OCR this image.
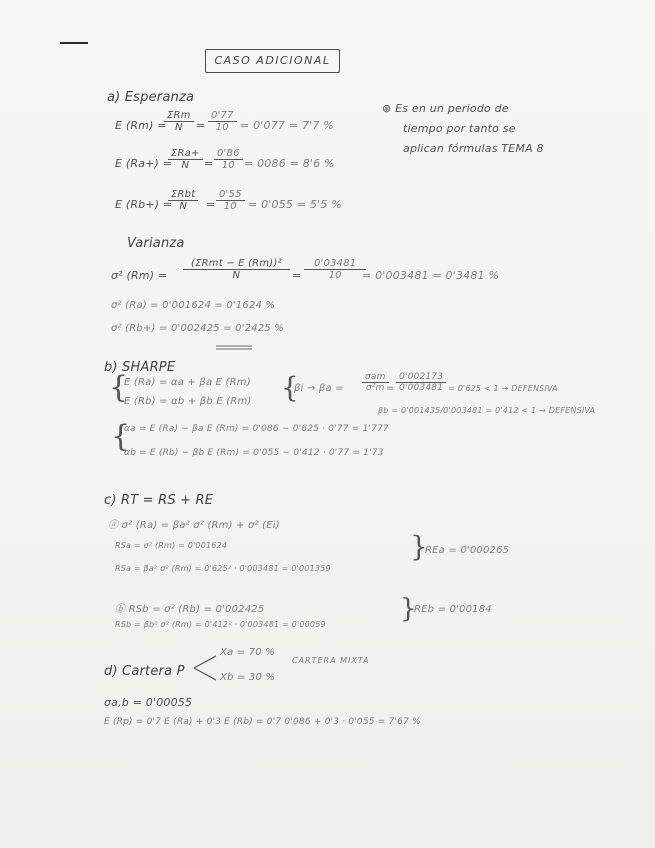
CASO ADICIONAL
a) Esperanza
E (Rm) =
ΣRm
N	= $\frac{0'77}{10} = 0'077 = 7'7$ %
E (Ra+) =
ΣRa+
N	= $\frac{0'86}{10} = 0086 = 8'6$ %
E (Rb+) =
ΣRbt
N	= $\frac{0'55}{10} = 0'055 = 5'5$ %
⊛ Es en un periodo de
tiempo por tanto se
aplican fórmulas TEMA 8
Varianza
σ² (Rm) =
(ΣRmt − E (Rm))²
N	= $\frac{0'03481}{10}$
= 0'003481 = 0'3481 %
σ² (Ra) = 0'001624 = 0'1624 %
σ² (Rb+) = 0'002425 = 0'2425 %
b) SHARPE
{
E (Ra) = αa + βa E (Rm)
E (Rb) = αb + βb E (Rm) {
βi → βa =
σam
$\sigma^2m = \frac{0'002173}{0'003481} = 0'625 < 1$ → DEFENSIVA
βb = 0'001435/0'003481 = 0'412 < 1 → DEFENSIVA
{
αa = E (Ra) − βa E (Rm) = 0'086 − 0'625 · 0'77 = 1'777
αb = E (Rb) − βb E (Rm) = 0'055 − 0'412 · 0'77 = 1'73
c) RT = RS + RE
ⓐ σ² (Ra) = βa² σ² (Rm) + σ² (Ei)
RSa = σ² (Rm) = 0'001624
RSa = βa² σ² (Rm) = 0'625² · 0'003481 = 0'001359
}
REa = 0'000265
ⓑ RSb = σ² (Rb) = 0'002425
RSb = βb² σ² (Rm) = 0'412² · 0'003481 = 0'00059
}
REb = 0'00184
d) Cartera P
Xa = 70 %
Xb = 30 %
CARTERA MIXTA
σa,b = 0'00055
E (Rp) = 0'7 E (Ra) + 0'3 E (Rb) = 0'7 0'086 + 0'3 · 0'055 = 7'67 %
